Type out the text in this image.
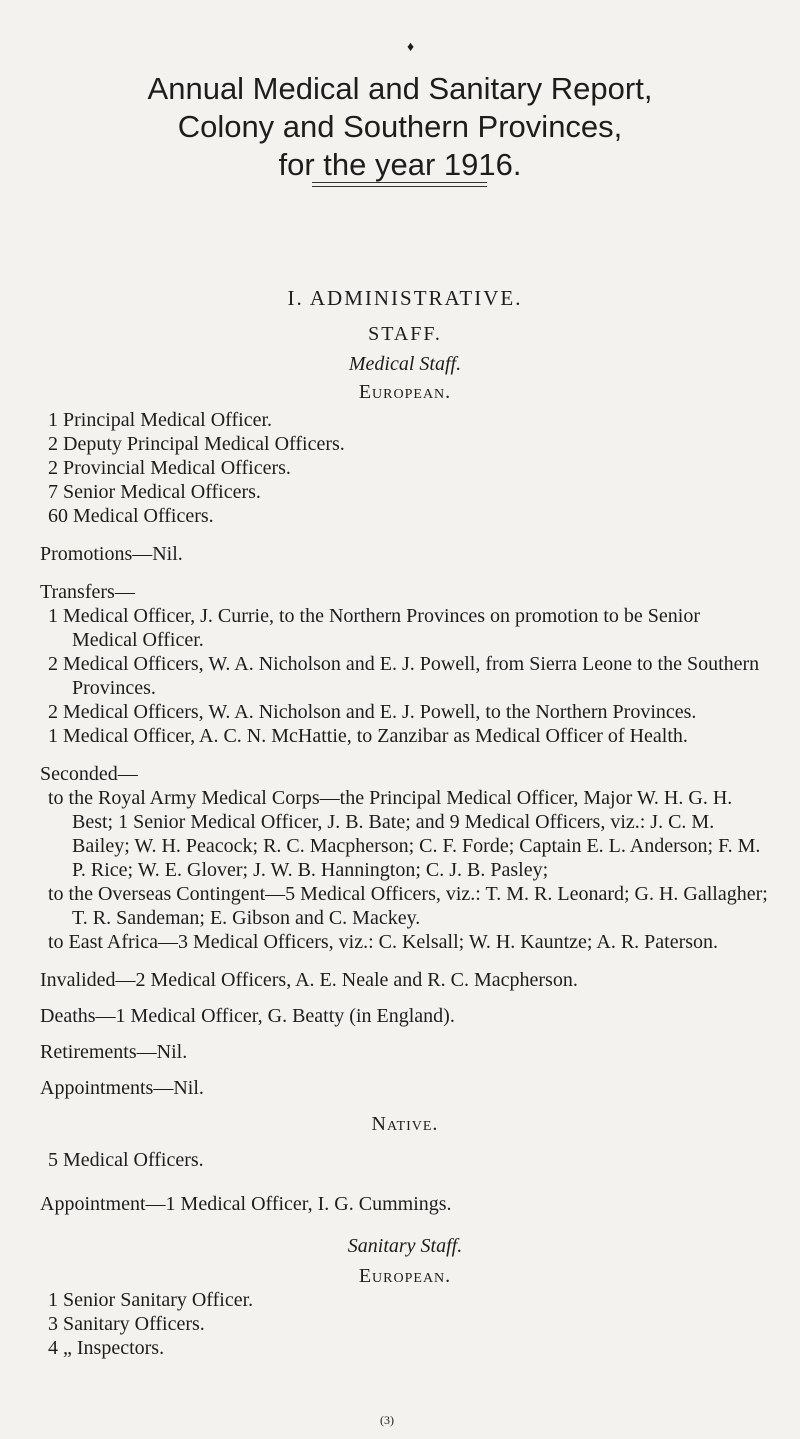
♦
Annual Medical and Sanitary Report,
Colony and Southern Provinces,
for the year 1916.
I. ADMINISTRATIVE.
STAFF.
Medical Staff.
European.
1 Principal Medical Officer.
2 Deputy Principal Medical Officers.
2 Provincial Medical Officers.
7 Senior Medical Officers.
60 Medical Officers.
Promotions—Nil.
Transfers—
1 Medical Officer, J. Currie, to the Northern Provinces on promotion to be Senior Medical Officer.
2 Medical Officers, W. A. Nicholson and E. J. Powell, from Sierra Leone to the Southern Provinces.
2 Medical Officers, W. A. Nicholson and E. J. Powell, to the Northern Provinces.
1 Medical Officer, A. C. N. McHattie, to Zanzibar as Medical Officer of Health.
Seconded—
to the Royal Army Medical Corps—the Principal Medical Officer, Major W. H. G. H. Best; 1 Senior Medical Officer, J. B. Bate; and 9 Medical Officers, viz.: J. C. M. Bailey; W. H. Peacock; R. C. Macpherson; C. F. Forde; Captain E. L. Anderson; F. M. P. Rice; W. E. Glover; J. W. B. Hannington; C. J. B. Pasley;
to the Overseas Contingent—5 Medical Officers, viz.: T. M. R. Leonard; G. H. Gallagher; T. R. Sandeman; E. Gibson and C. Mackey.
to East Africa—3 Medical Officers, viz.: C. Kelsall; W. H. Kauntze; A. R. Paterson.
Invalided—2 Medical Officers, A. E. Neale and R. C. Macpherson.
Deaths—1 Medical Officer, G. Beatty (in England).
Retirements—Nil.
Appointments—Nil.
Native.
5 Medical Officers.
Appointment—1 Medical Officer, I. G. Cummings.
Sanitary Staff.
European.
1 Senior Sanitary Officer.
3 Sanitary Officers.
4 „ Inspectors.
(3)
